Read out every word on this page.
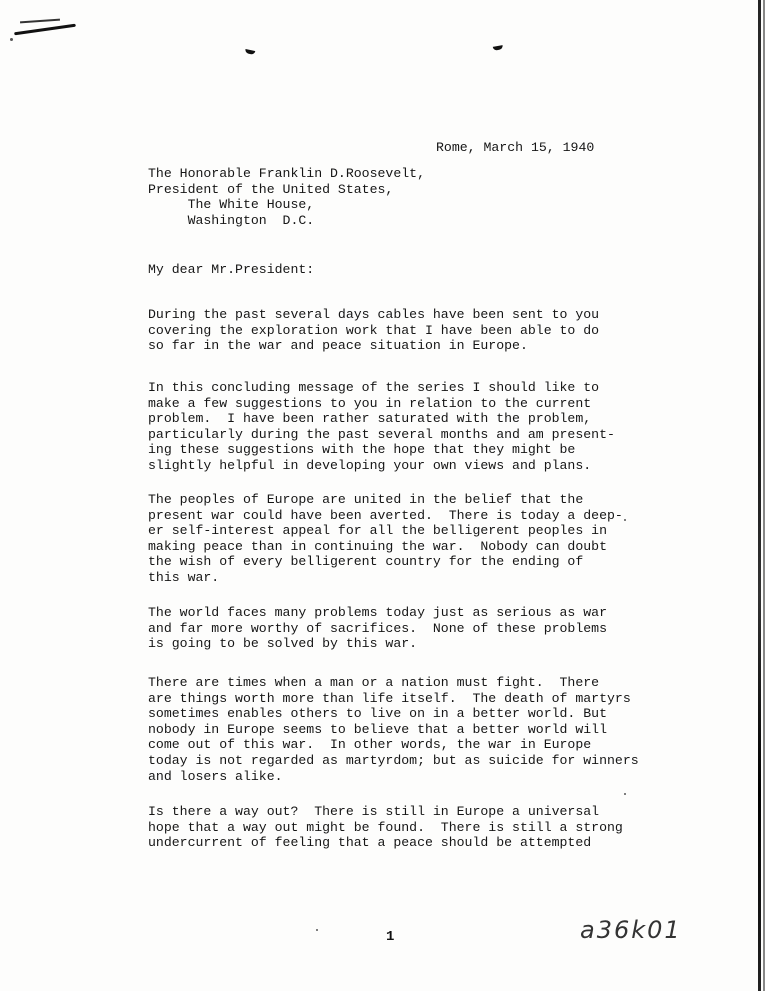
Rome, March 15, 1940
The Honorable Franklin D.Roosevelt,
President of the United States,
The White House,
Washington  D.C.
My dear Mr.President:
During the past several days cables have been sent to you
covering the exploration work that I have been able to do
so far in the war and peace situation in Europe.
In this concluding message of the series I should like to
make a few suggestions to you in relation to the current
problem.  I have been rather saturated with the problem,
particularly during the past several months and am present-
ing these suggestions with the hope that they might be
slightly helpful in developing your own views and plans.
The peoples of Europe are united in the belief that the
present war could have been averted.  There is today a deep-
er self-interest appeal for all the belligerent peoples in
making peace than in continuing the war.  Nobody can doubt
the wish of every belligerent country for the ending of
this war.
The world faces many problems today just as serious as war
and far more worthy of sacrifices.  None of these problems
is going to be solved by this war.
There are times when a man or a nation must fight.  There
are things worth more than life itself.  The death of martyrs
sometimes enables others to live on in a better world. But
nobody in Europe seems to believe that a better world will
come out of this war.  In other words, the war in Europe
today is not regarded as martyrdom; but as suicide for winners
and losers alike.
Is there a way out?  There is still in Europe a universal
hope that a way out might be found.  There is still a strong
undercurrent of feeling that a peace should be attempted
1	a36k01
